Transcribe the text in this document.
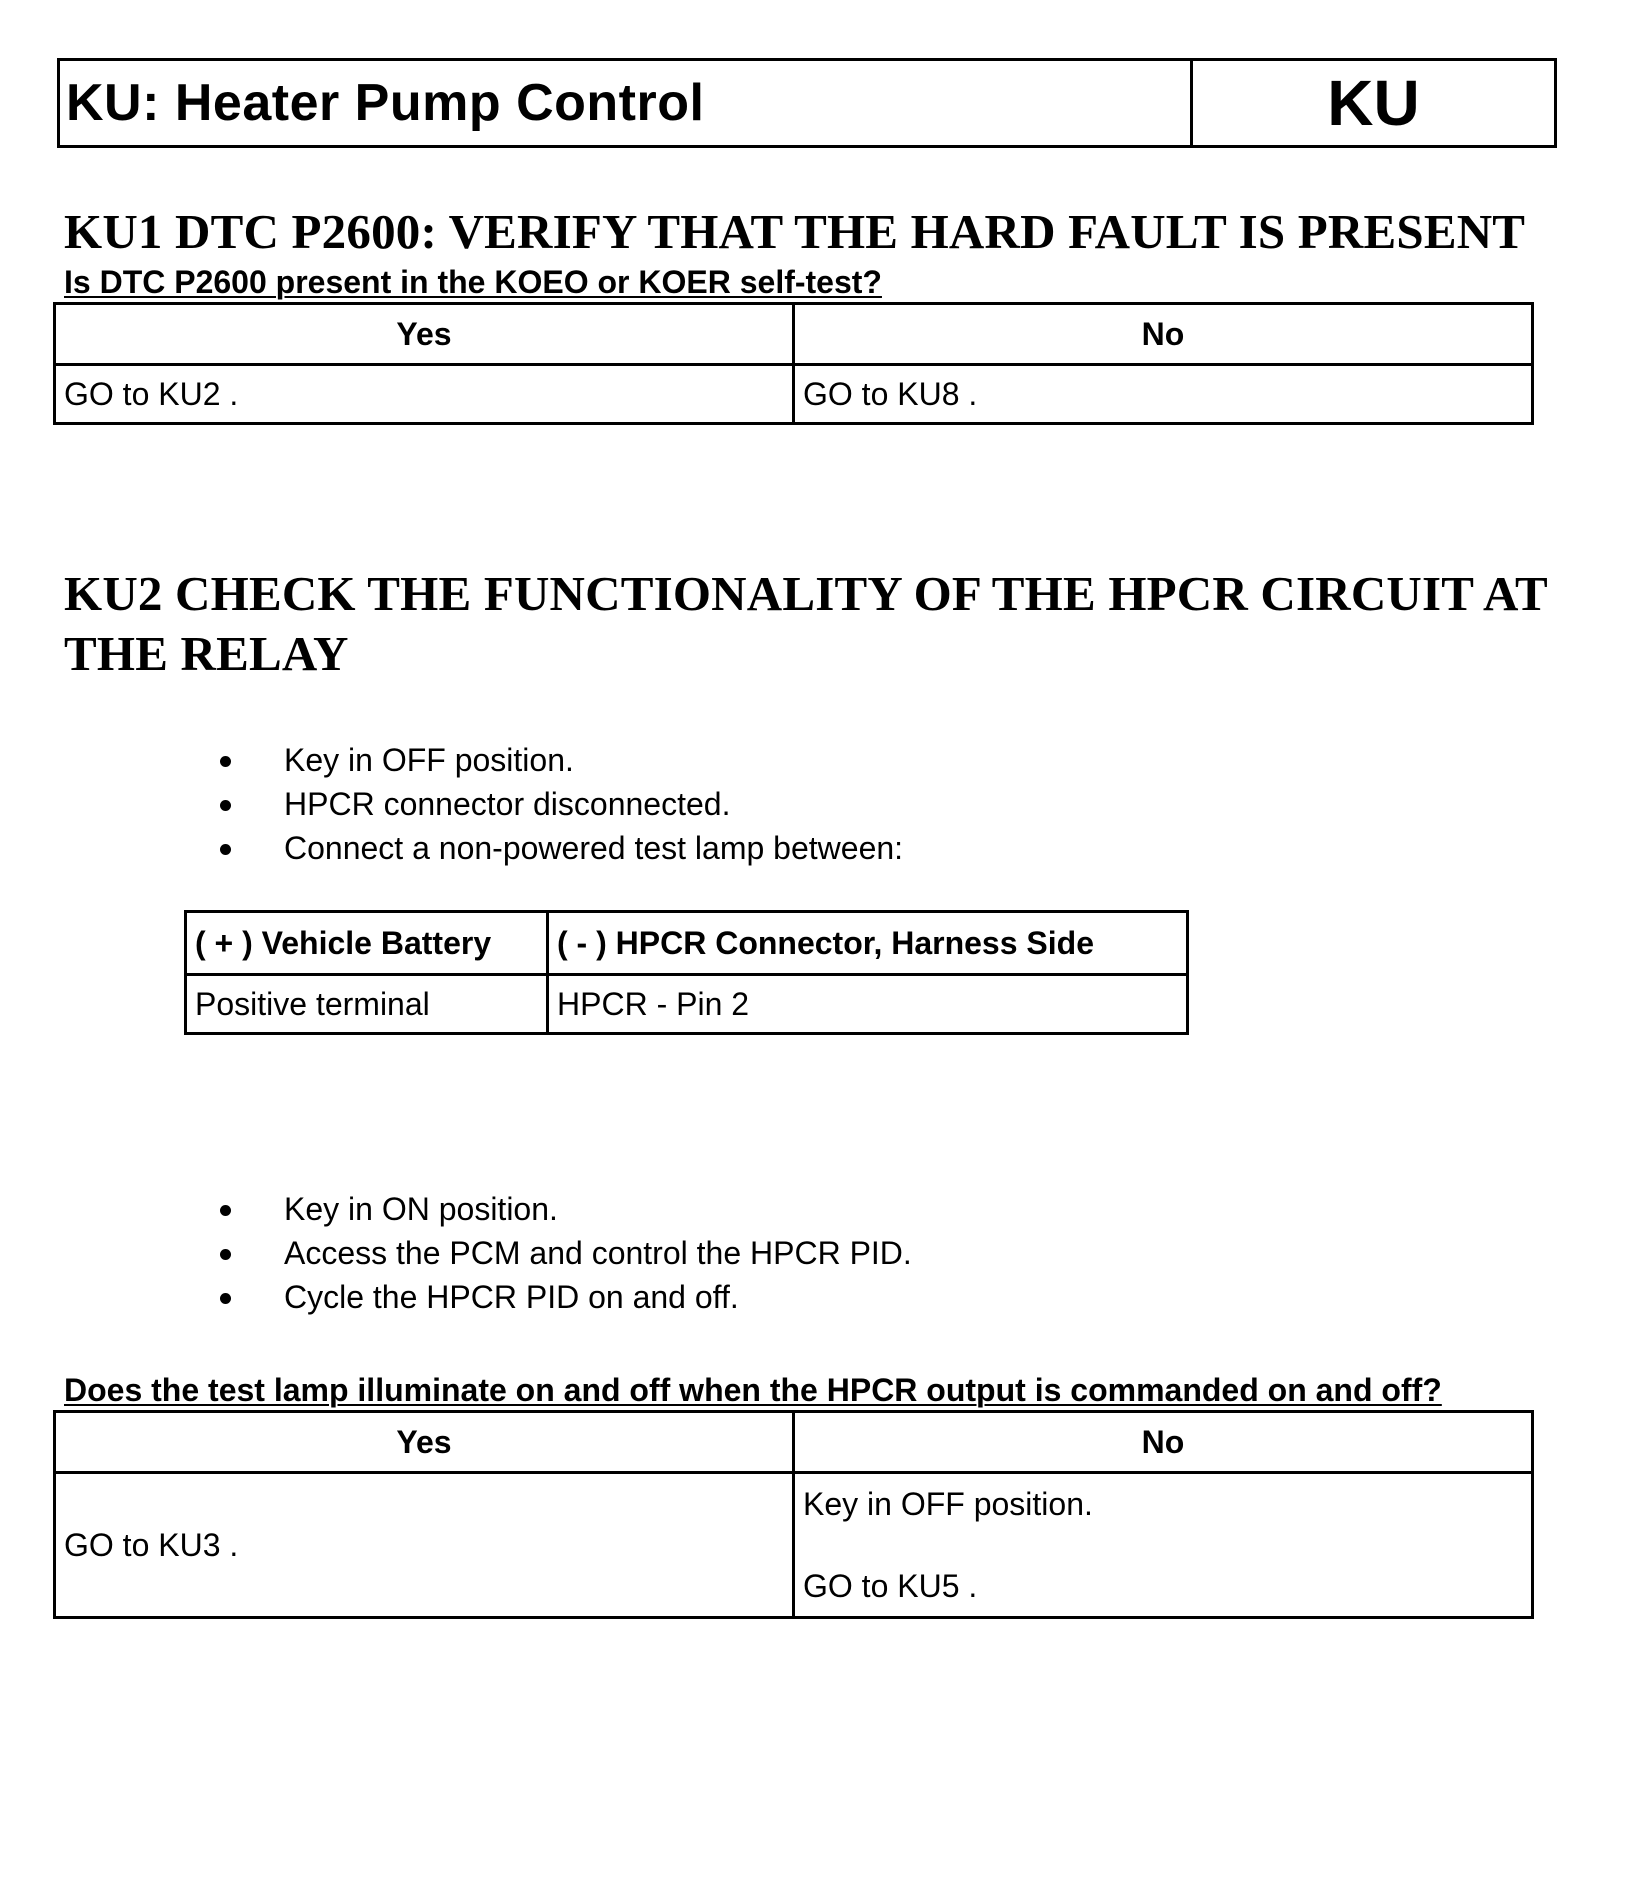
KU: Heater Pump Control	KU
KU1 DTC P2600: VERIFY THAT THE HARD FAULT IS PRESENT
Is DTC P2600 present in the KOEO or KOER self-test?
Yes	No
GO to KU2 .	GO to KU8 .
KU2 CHECK THE FUNCTIONALITY OF THE HPCR CIRCUIT AT
THE RELAY
Key in OFF position.
HPCR connector disconnected.
Connect a non-powered test lamp between:
( + ) Vehicle Battery	( - ) HPCR Connector, Harness Side
Positive terminal	HPCR - Pin 2
Key in ON position.
Access the PCM and control the HPCR PID.
Cycle the HPCR PID on and off.
Does the test lamp illuminate on and off when the HPCR output is commanded on and off?
Yes	No
GO to KU3 .	Key in OFF position.
GO to KU5 .
